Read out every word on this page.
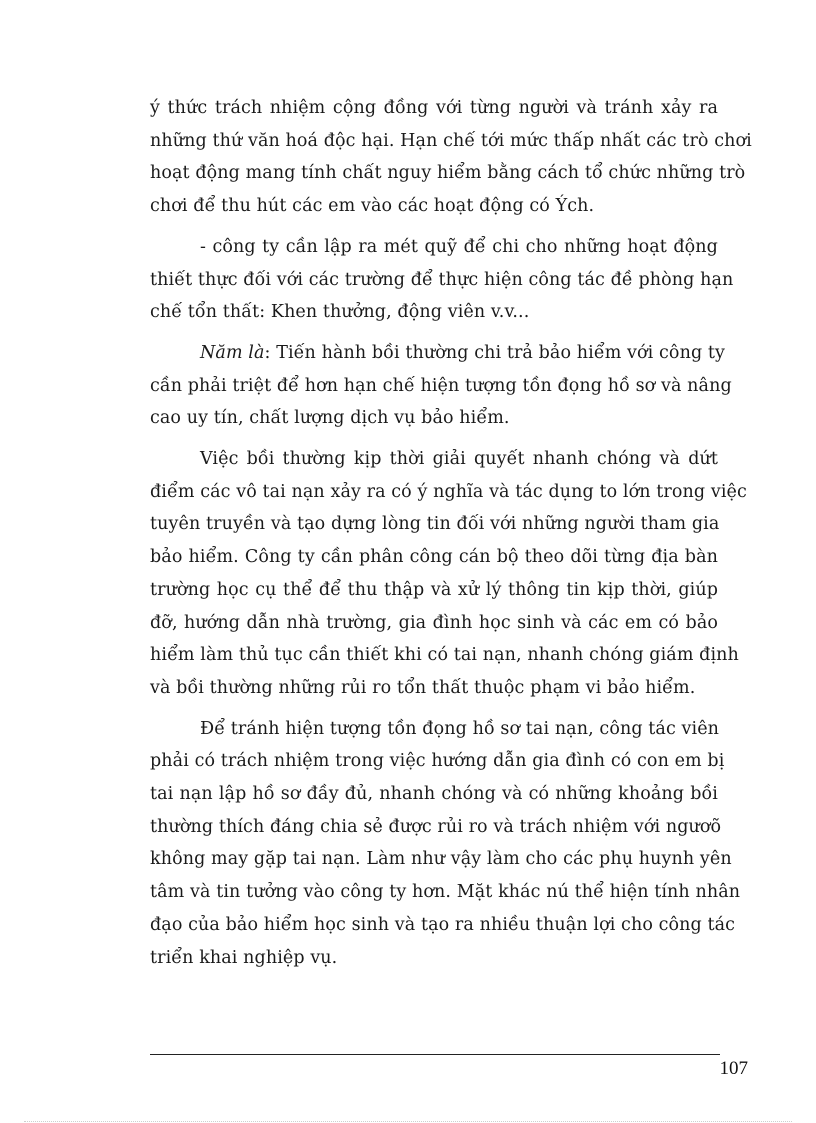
ý thức trách nhiệm cộng đồng với từng người và tránh xảy ra
những thứ văn hoá độc hại. Hạn chế tới mức thấp nhất các trò chơi
hoạt động mang tính chất nguy hiểm bằng cách tổ chức những trò
chơi để thu hút các em vào các hoạt động có Ých.
- công ty cần lập ra mét quỹ để chi cho những hoạt động
thiết thực đối với các trường để thực hiện công tác đề phòng hạn
chế tổn thất: Khen thưởng, động viên v.v...
Năm là: Tiến hành bồi thường chi trả bảo hiểm với công ty
cần phải triệt để hơn hạn chế hiện tượng tồn đọng hồ sơ và nâng
cao uy tín, chất lượng dịch vụ bảo hiểm.
Việc bồi thường kịp thời giải quyết nhanh chóng và dứt
điểm các vô tai nạn xảy ra có ý nghĩa và tác dụng to lớn trong việc
tuyên truyền và tạo dựng lòng tin đối với những người tham gia
bảo hiểm. Công ty cần phân công cán bộ theo dõi từng địa bàn
trường học cụ thể để thu thập và xử lý thông tin kịp thời, giúp
đỡ, hướng dẫn nhà trường, gia đình học sinh và các em có bảo
hiểm làm thủ tục cần thiết khi có tai nạn, nhanh chóng giám định
và bồi thường những rủi ro tổn thất thuộc phạm vi bảo hiểm.
Để tránh hiện tượng tồn đọng hồ sơ tai nạn, công tác viên
phải có trách nhiệm trong việc hướng dẫn gia đình có con em bị
tai nạn lập hồ sơ đầy đủ, nhanh chóng và có những khoảng bồi
thường thích đáng chia sẻ được rủi ro và trách nhiệm với ngươõ
không may gặp tai nạn. Làm như vậy làm cho các phụ huynh yên
tâm và tin tưởng vào công ty hơn. Mặt khác nú thể hiện tính nhân
đạo của bảo hiểm học sinh và tạo ra nhiều thuận lợi cho công tác
triển khai nghiệp vụ.
107
